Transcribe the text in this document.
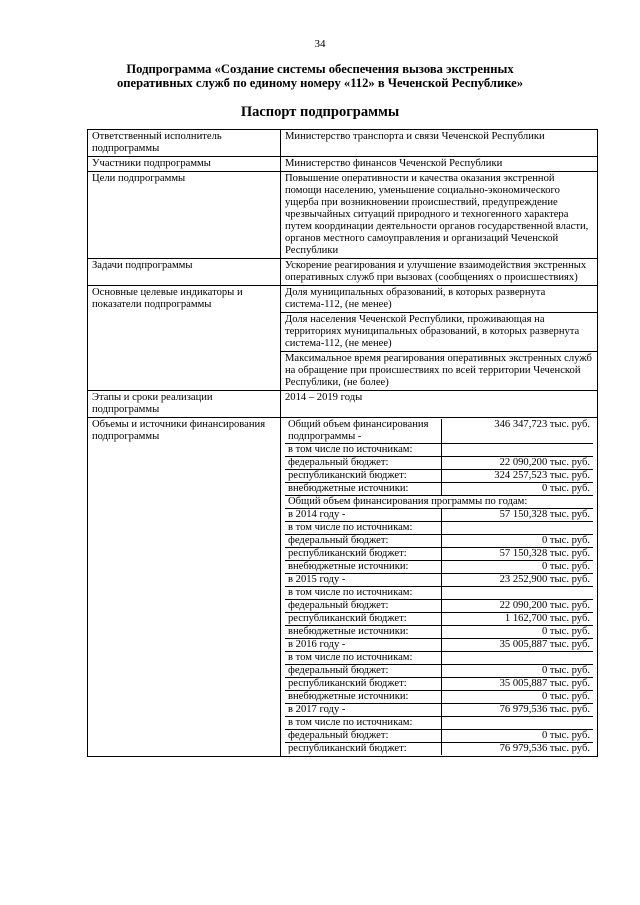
34
Подпрограмма «Создание системы обеспечения вызова экстренных
оперативных служб по единому номеру «112» в Чеченской Республике»
Паспорт подпрограммы
Ответственный исполнитель подпрограммы	Министерство транспорта и связи Чеченской Республики
Участники подпрограммы	Министерство финансов Чеченской Республики
Цели подпрограммы	Повышение оперативности и качества оказания экстренной помощи населению, уменьшение социально-экономического ущерба при возникновении происшествий, предупреждение чрезвычайных ситуаций природного и техногенного характера путем координации деятельности органов государственной власти, органов местного самоуправления и организаций Чеченской Республики
Задачи подпрограммы	Ускорение реагирования и улучшение взаимодействия экстренных оперативных служб при вызовах (сообщениях о происшествиях)
Основные целевые индикаторы и показатели подпрограммы	Доля муниципальных образований, в которых развернута система-112, (не менее)
Доля населения Чеченской Республики, проживающая на территориях муниципальных образований, в которых развернута система-112, (не менее)
Максимальное время реагирования оперативных экстренных служб на обращение при происшествиях по всей территории Чеченской Республики, (не более)
Этапы и сроки реализации подпрограммы	2014 – 2019 годы
Объемы и источники финансирования подпрограммы	
Общий объем финансирования подпрограммы -	346 347,723 тыс. руб.
в том числе по источникам:	
федеральный бюджет:	22 090,200 тыс. руб.
республиканский бюджет:	324 257,523 тыс. руб.
внебюджетные источники:	0 тыс. руб.
Общий объем финансирования программы по годам:
в 2014 году -	57 150,328 тыс. руб.
в том числе по источникам:	
федеральный бюджет:	0 тыс. руб.
республиканский бюджет:	57 150,328 тыс. руб.
внебюджетные источники:	0 тыс. руб.
в 2015 году -	23 252,900 тыс. руб.
в том числе по источникам:	
федеральный бюджет:	22 090,200 тыс. руб.
республиканский бюджет:	1 162,700 тыс. руб.
внебюджетные источники:	0 тыс. руб.
в 2016 году -	35 005,887 тыс. руб.
в том числе по источникам:	
федеральный бюджет:	0 тыс. руб.
республиканский бюджет:	35 005,887 тыс. руб.
внебюджетные источники:	0 тыс. руб.
в 2017 году -	76 979,536 тыс. руб.
в том числе по источникам:	
федеральный бюджет:	0 тыс. руб.
республиканский бюджет:	76 979,536 тыс. руб.
